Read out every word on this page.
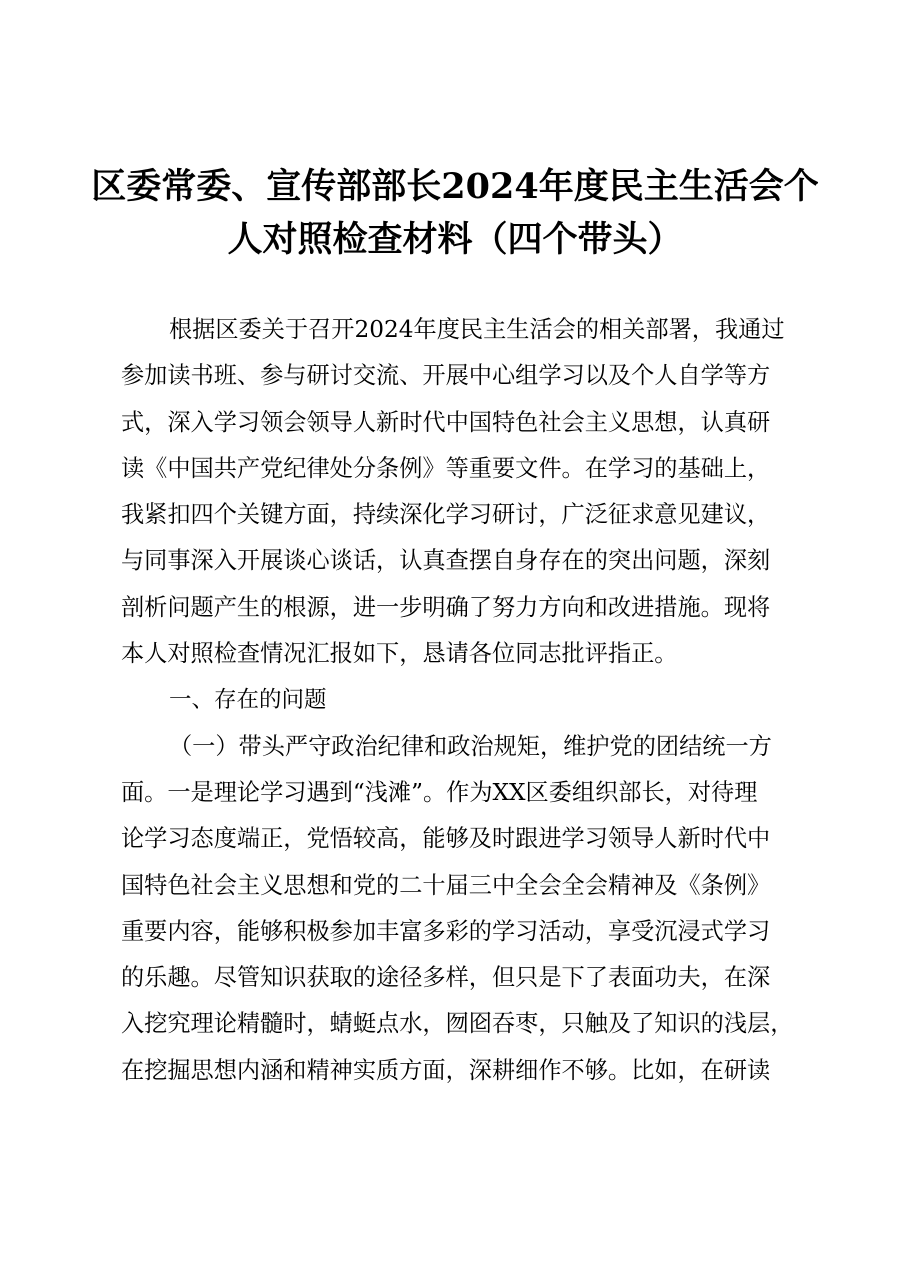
区委常委、宣传部部长2024年度民主生活会个
人对照检查材料（四个带头）
根据区委关于召开2024年度民主生活会的相关部署，我通过
参加读书班、参与研讨交流、开展中心组学习以及个人自学等方
式，深入学习领会领导人新时代中国特色社会主义思想，认真研
读《中国共产党纪律处分条例》等重要文件。在学习的基础上，
我紧扣四个关键方面，持续深化学习研讨，广泛征求意见建议，
与同事深入开展谈心谈话，认真查摆自身存在的突出问题，深刻
剖析问题产生的根源，进一步明确了努力方向和改进措施。现将
本人对照检查情况汇报如下，恳请各位同志批评指正。
一、存在的问题
（一）带头严守政治纪律和政治规矩，维护党的团结统一方
面。一是理论学习遇到“浅滩”。作为XX区委组织部长，对待理
论学习态度端正，党悟较高，能够及时跟进学习领导人新时代中
国特色社会主义思想和党的二十届三中全会全会精神及《条例》
重要内容，能够积极参加丰富多彩的学习活动，享受沉浸式学习
的乐趣。尽管知识获取的途径多样，但只是下了表面功夫，在深
入挖究理论精髓时，蜻蜓点水，囫囵吞枣，只触及了知识的浅层，
在挖掘思想内涵和精神实质方面，深耕细作不够。比如，在研读
